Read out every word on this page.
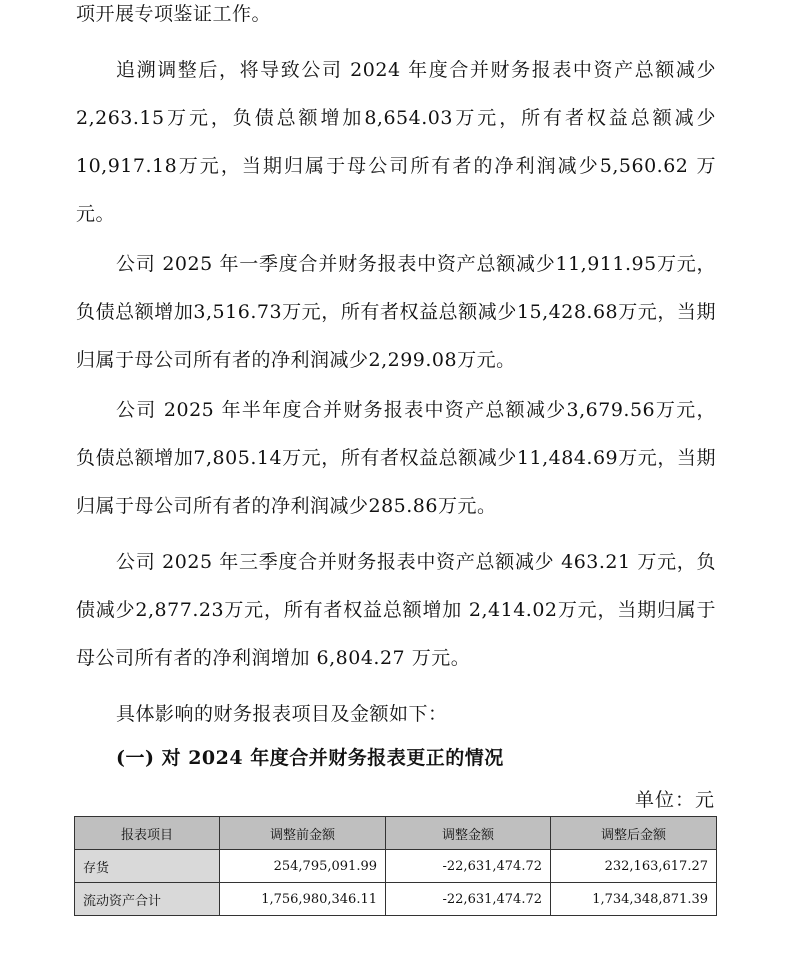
项开展专项鉴证工作。

追溯调整后，将导致公司 2024 年度合并财务报表中资产总额减少2,263.15万元，负债总额增加8,654.03万元，所有者权益总额减少10,917.18万元，当期归属于母公司所有者的净利润减少5,560.62 万元。

公司 2025 年一季度合并财务报表中资产总额减少11,911.95万元，负债总额增加3,516.73万元，所有者权益总额减少15,428.68万元，当期归属于母公司所有者的净利润减少2,299.08万元。

公司 2025 年半年度合并财务报表中资产总额减少3,679.56万元，负债总额增加7,805.14万元，所有者权益总额减少11,484.69万元，当期归属于母公司所有者的净利润减少285.86万元。

公司 2025 年三季度合并财务报表中资产总额减少 463.21 万元，负债减少2,877.23万元，所有者权益总额增加 2,414.02万元，当期归属于母公司所有者的净利润增加 6,804.27 万元。

具体影响的财务报表项目及金额如下：

(一) 对 2024 年度合并财务报表更正的情况

单位：元

报表项目	调整前金额	调整金额	调整后金额
存货	254,795,091.99	-22,631,474.72	232,163,617.27
流动资产合计	1,756,980,346.11	-22,631,474.72	1,734,348,871.39
